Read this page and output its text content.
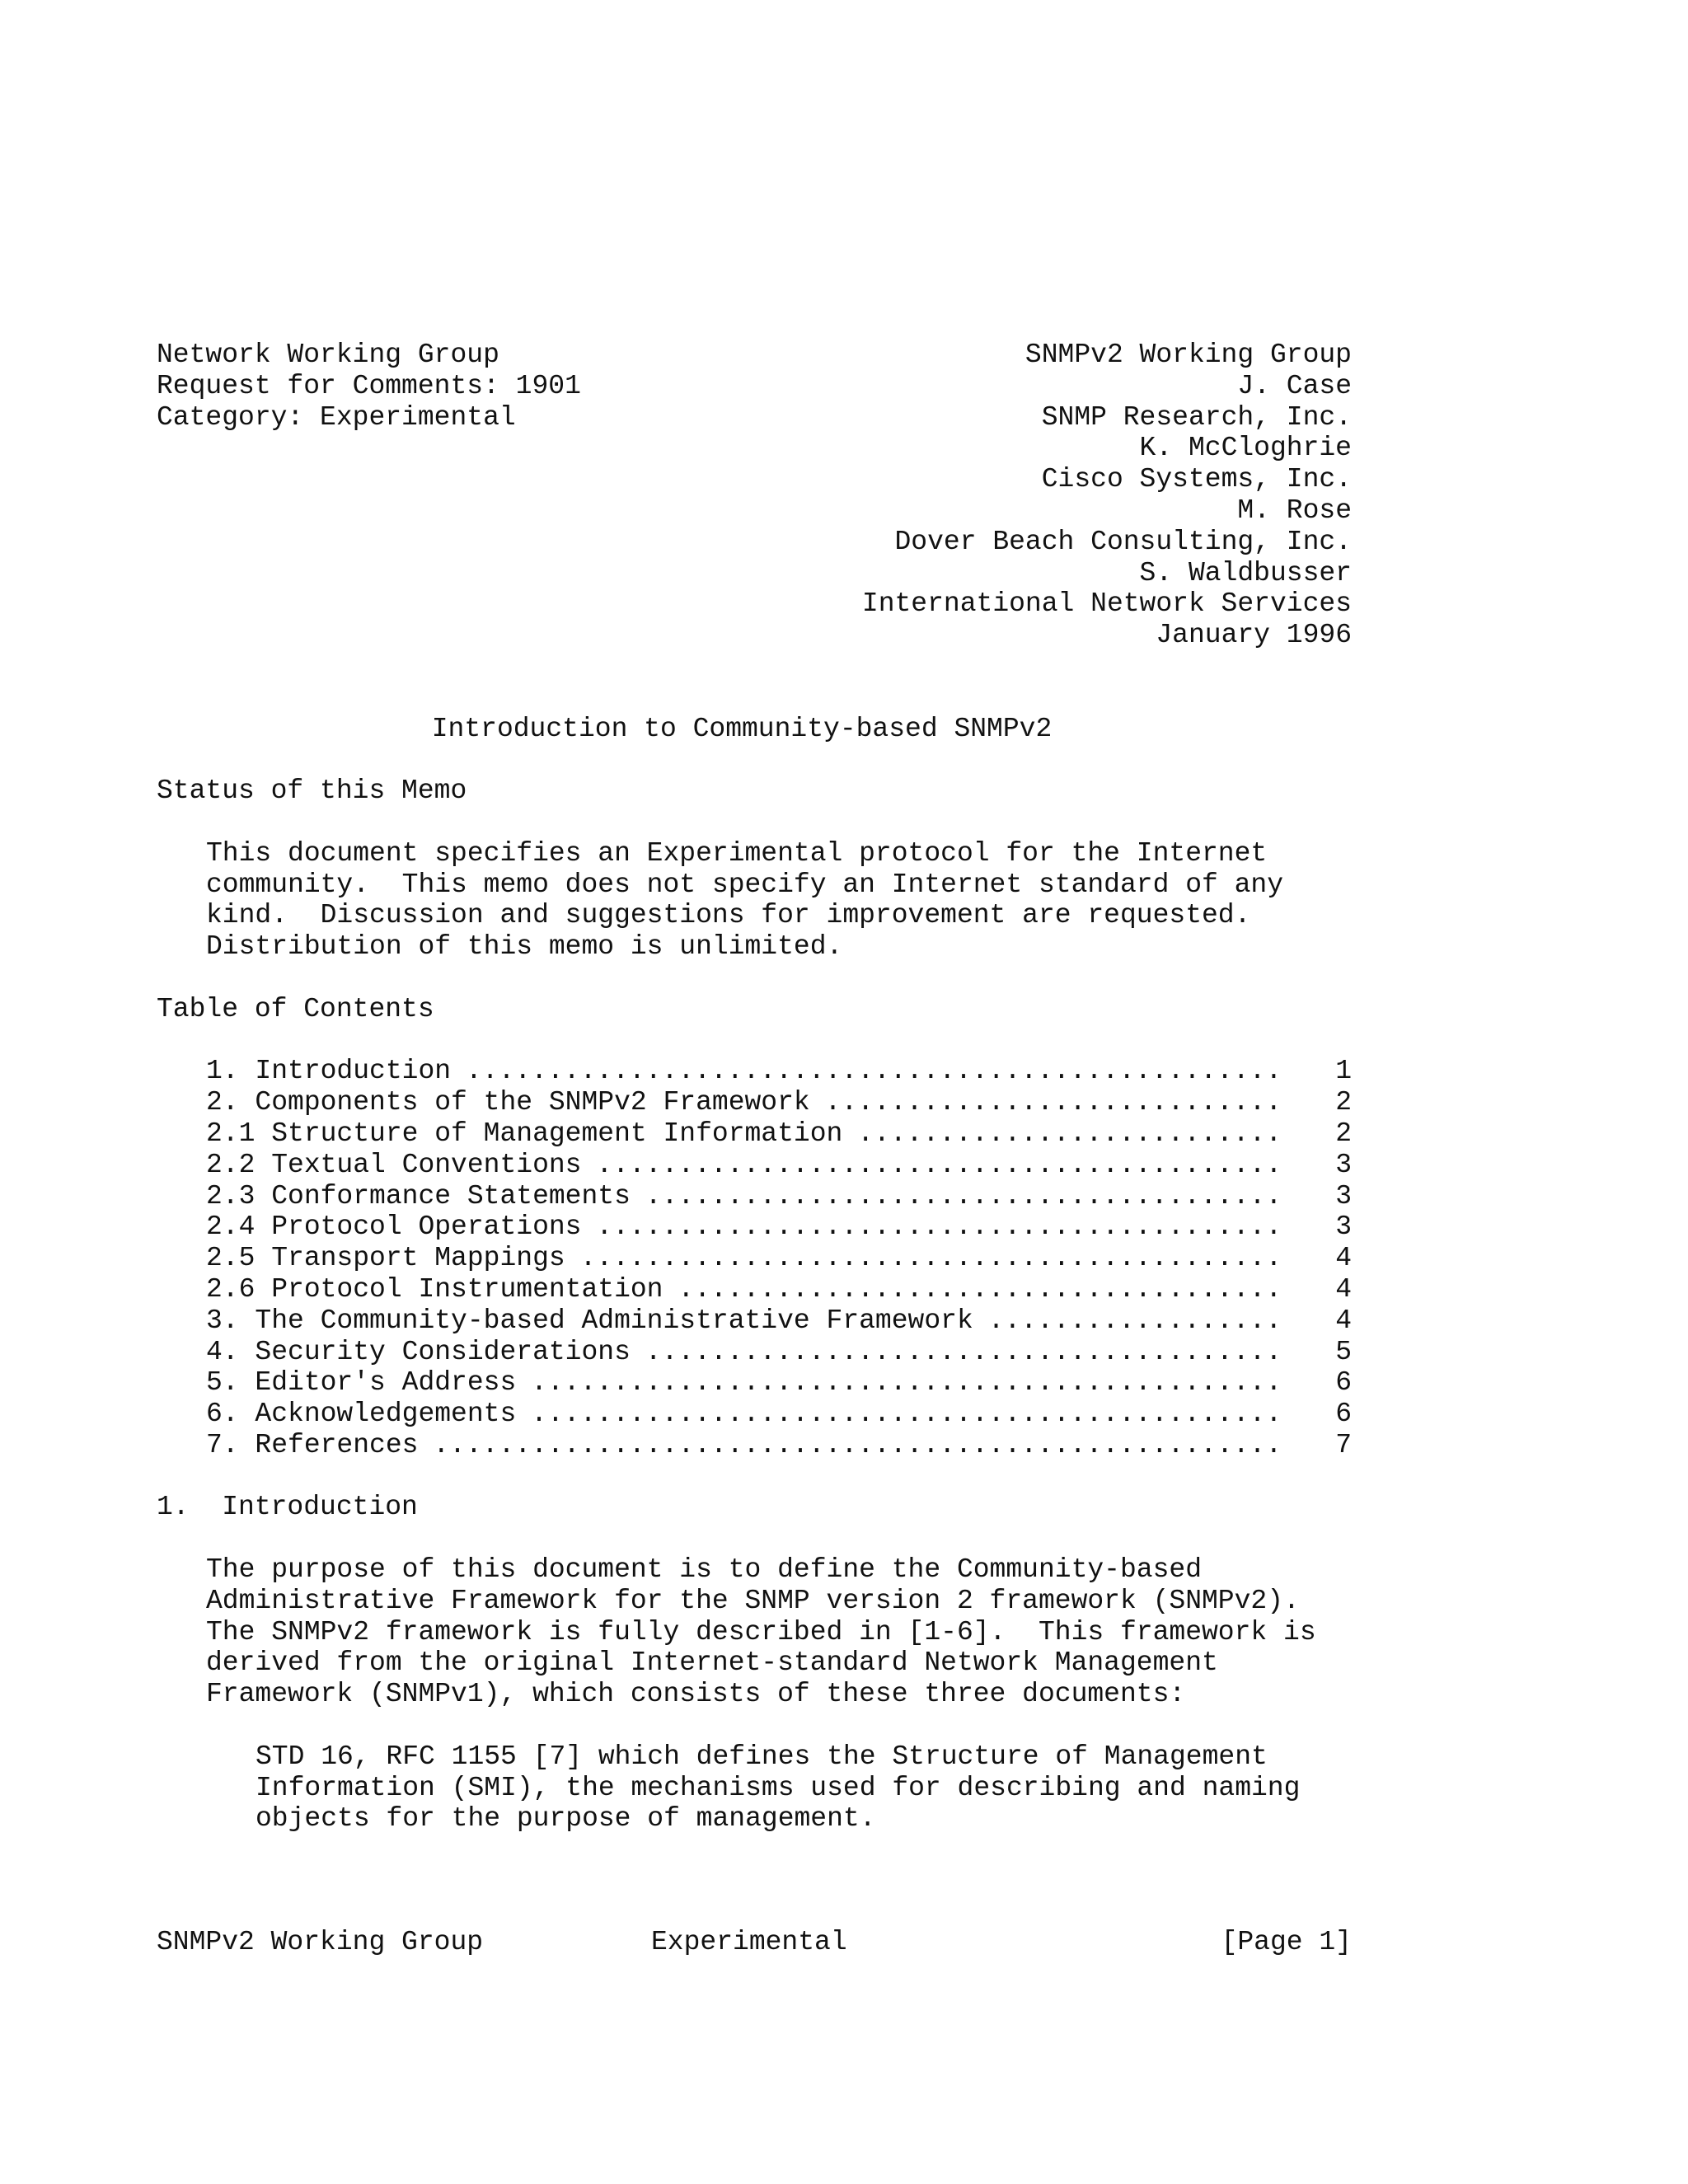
Network Working Group	SNMPv2 Working Group
Request for Comments: 1901	J. Case
Category: Experimental	SNMP Research, Inc.
K. McCloghrie
Cisco Systems, Inc.
M. Rose
Dover Beach Consulting, Inc.
S. Waldbusser
International Network Services
January 1996
Introduction to Community-based SNMPv2
Status of this Memo
This document specifies an Experimental protocol for the Internet
community.  This memo does not specify an Internet standard of any
kind.  Discussion and suggestions for improvement are requested.
Distribution of this memo is unlimited.
Table of Contents
1. Introduction . . .	1
2. Components of the SNMPv2 Framework . . .	2
2.1 Structure of Management Information . . .	2
2.2 Textual Conventions . . .	3
2.3 Conformance Statements . . .	3
2.4 Protocol Operations . . .	3
2.5 Transport Mappings . . .	4
2.6 Protocol Instrumentation . . .	4
3. The Community-based Administrative Framework . . .	4
4. Security Considerations . . .	5
5. Editor's Address . . .	6
6. Acknowledgements . . .	6
7. References . . .	7
1.  Introduction
The purpose of this document is to define the Community-based
Administrative Framework for the SNMP version 2 framework (SNMPv2).
The SNMPv2 framework is fully described in [1-6].  This framework is
derived from the original Internet-standard Network Management
Framework (SNMPv1), which consists of these three documents:
STD 16, RFC 1155 [7] which defines the Structure of Management
Information (SMI), the mechanisms used for describing and naming
objects for the purpose of management.
SNMPv2 Working Group	Experimental	[Page 1]
